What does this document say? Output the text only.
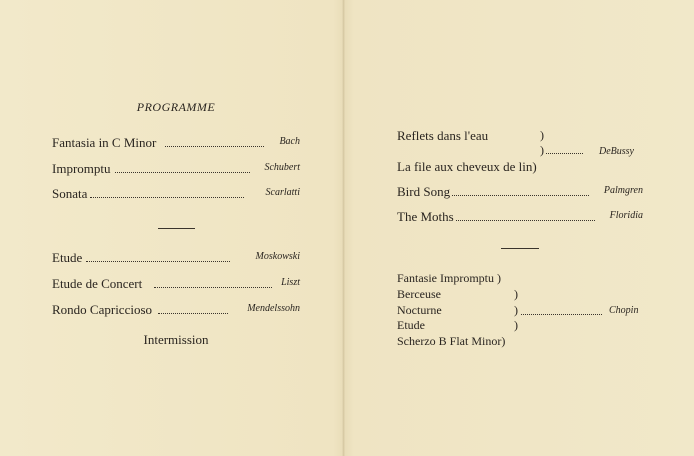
PROGRAMME
Fantasia in C Minor	Bach
Impromptu	Schubert
Sonata	Scarlatti
Etude	Moskowski
Etude de Concert	Liszt
Rondo Capriccioso	Mendelssohn
Intermission
Reflets dans l'eau	)
)	DeBussy
La file aux cheveux de lin)
Bird Song	Palmgren
The Moths	Floridia
Fantasie Impromptu )
Berceuse	)
Nocturne	)	Chopin
Etude	)
Scherzo B Flat Minor)
